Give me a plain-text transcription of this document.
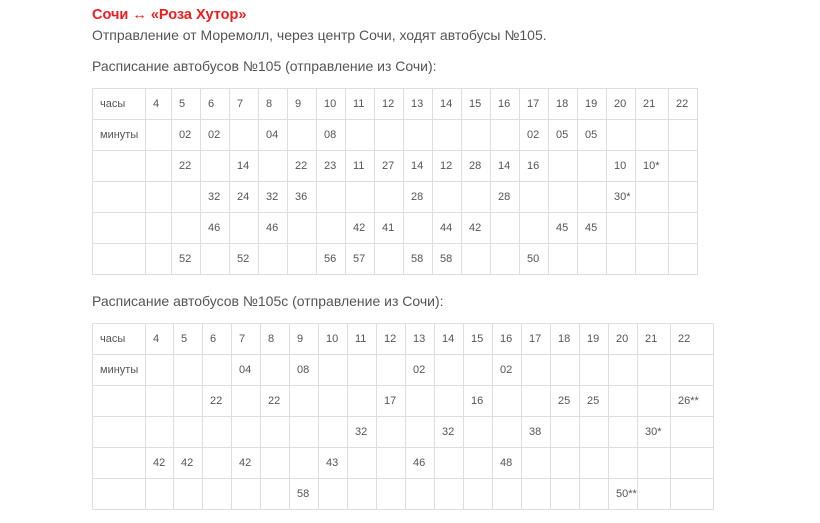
Сочи ↔ «Роза Хутор»
Отправление от Моремолл, через центр Сочи, ходят автобусы №105.
Расписание автобусов №105 (отправление из Сочи):
часы	4	5	6	7	8	9	10	11	12	13	14	15	16	17	18	19	20	21	22
минуты		02	02		04		08							02	05	05			
		22		14		22	23	11	27	14	12	28	14	16			10	10*	
			32	24	32	36				28			28				30*		
			46		46			42	41		44	42			45	45			
		52		52			56	57		58	58			50					
Расписание автобусов №105с (отправление из Сочи):
часы	4	5	6	7	8	9	10	11	12	13	14	15	16	17	18	19	20	21	22
минуты				04		08				02			02						
			22		22				17			16			25	25			26**
								32			32			38				30*	
	42	42		42			43			46			48						
						58											50**		
